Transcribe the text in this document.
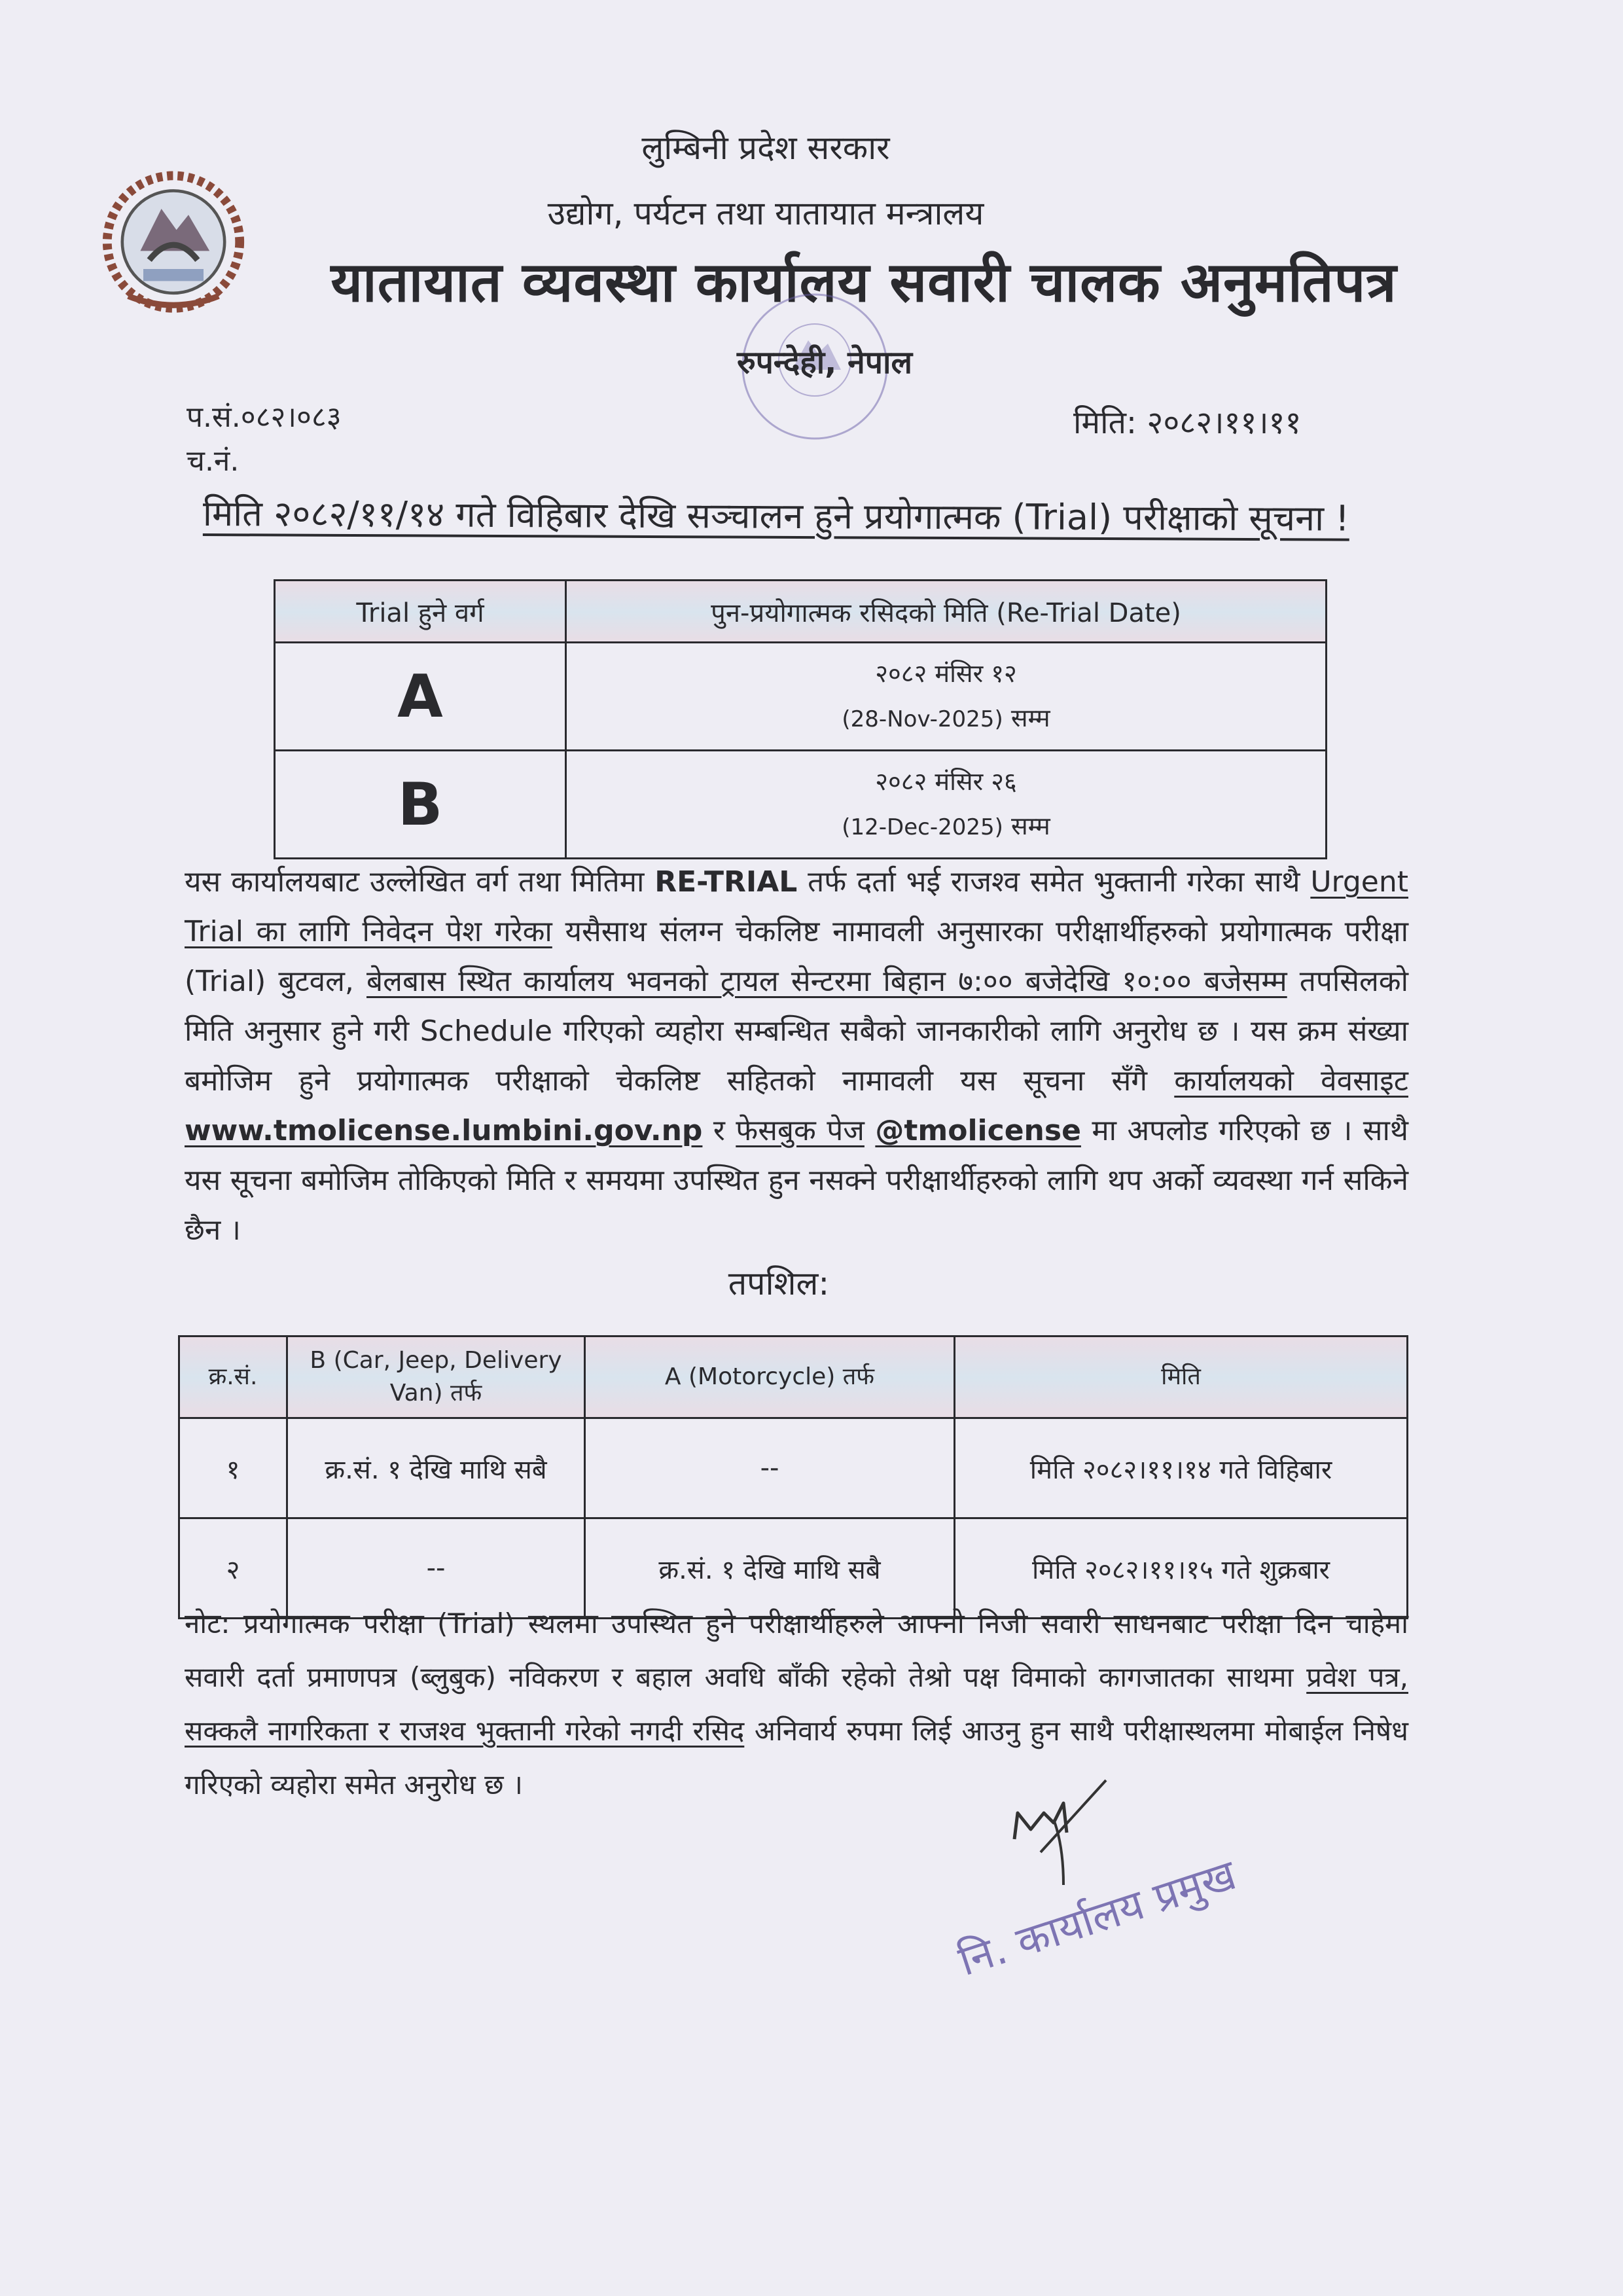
लुम्बिनी प्रदेश सरकार
उद्योग, पर्यटन तथा यातायात मन्त्रालय
यातायात व्यवस्था कार्यालय सवारी चालक अनुमतिपत्र
रुपन्देही, नेपाल
प.सं.०८२।०८३
च.नं.
मिति: २०८२।११।११
मिति २०८२/११/१४ गते विहिबार देखि सञ्चालन हुने प्रयोगात्मक (Trial) परीक्षाको सूचना !
Trial हुने वर्ग	पुन-प्रयोगात्मक रसिदको मिति (Re-Trial Date)
A	२०८२ मंसिर १२
(28-Nov-2025) सम्म

B	२०८२ मंसिर २६
(12-Dec-2025) सम्म
यस कार्यालयबाट उल्लेखित वर्ग तथा मितिमा RE-TRIAL तर्फ दर्ता भई राजश्व समेत भुक्तानी गरेका साथै Urgent Trial का लागि निवेदन पेश गरेका यसैसाथ संलग्न चेकलिष्ट नामावली अनुसारका परीक्षार्थीहरुको प्रयोगात्मक परीक्षा (Trial) बुटवल, बेलबास स्थित कार्यालय भवनको ट्रायल सेन्टरमा बिहान ७:०० बजेदेखि १०:०० बजेसम्म तपसिलको मिति अनुसार हुने गरी Schedule गरिएको व्यहोरा सम्बन्धित सबैको जानकारीको लागि अनुरोध छ । यस क्रम संख्या बमोजिम हुने प्रयोगात्मक परीक्षाको चेकलिष्ट सहितको नामावली यस सूचना सँगै कार्यालयको वेवसाइट www.tmolicense.lumbini.gov.np र फेसबुक पेज @tmolicense मा अपलोड गरिएको छ । साथै यस सूचना बमोजिम तोकिएको मिति र समयमा उपस्थित हुन नसक्ने परीक्षार्थीहरुको लागि थप अर्को व्यवस्था गर्न सकिने छैन ।
तपशिल:
क्र.सं.	B (Car, Jeep, Delivery Van) तर्फ	A (Motorcycle) तर्फ	मिति
१	क्र.सं. १ देखि माथि सबै	--	मिति २०८२।११।१४ गते विहिबार
२	--	क्र.सं. १ देखि माथि सबै	मिति २०८२।११।१५ गते शुक्रबार
नोट: प्रयोगात्मक परीक्षा (Trial) स्थलमा उपस्थित हुने परीक्षार्थीहरुले आफ्नो निजी सवारी साधनबाट परीक्षा दिन चाहेमा सवारी दर्ता प्रमाणपत्र (ब्लुबुक) नविकरण र बहाल अवधि बाँकी रहेको तेश्रो पक्ष विमाको कागजातका साथमा प्रवेश पत्र, सक्कलै नागरिकता र राजश्व भुक्तानी गरेको नगदी रसिद अनिवार्य रुपमा लिई आउनु हुन साथै परीक्षास्थलमा मोबाईल निषेध गरिएको व्यहोरा समेत अनुरोध छ ।
नि. कार्यालय प्रमुख
